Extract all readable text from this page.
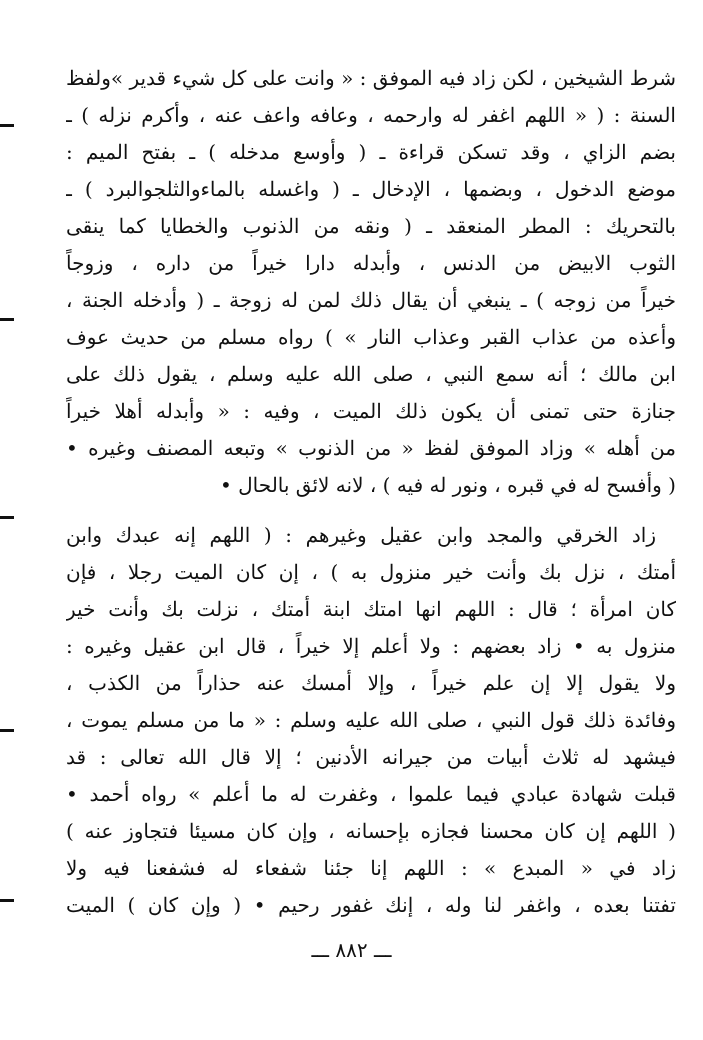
شرط الشيخين ، لكن زاد فيه الموفق : « وانت على كل شيء قدير »ولفظ
السنة : ( « اللهم اغفر له وارحمه ، وعافه واعف عنه ، وأكرم نزله ) ـ
بضم الزاي ، وقد تسكن قراءة ـ ( وأوسع مدخله ) ـ بفتح الميم :
موضع الدخول ، وبضمها ، الإدخال ـ ( واغسله بالماءوالثلجوالبرد ) ـ
بالتحريك : المطر المنعقد ـ ( ونقه من الذنوب والخطايا كما ينقى
الثوب الابيض من الدنس ، وأبدله دارا خيراً من داره ، وزوجاً
خيراً من زوجه ) ـ ينبغي أن يقال ذلك لمن له زوجة ـ ( وأدخله الجنة ،
وأعذه من عذاب القبر وعذاب النار » ) رواه مسلم من حديث عوف
ابن مالك ؛ أنه سمع النبي ، صلى الله عليه وسلم ، يقول ذلك على
جنازة حتى تمنى أن يكون ذلك الميت ، وفيه : « وأبدله أهلا خيراً
من أهله » وزاد الموفق لفظ « من الذنوب » وتبعه المصنف وغيره •
( وأفسح له في قبره ، ونور له فيه ) ، لانه لائق بالحال •
زاد الخرقي والمجد وابن عقيل وغيرهم : ( اللهم إنه عبدك وابن
أمتك ، نزل بك وأنت خير منزول به ) ، إن كان الميت رجلا ، فإن
كان امرأة ؛ قال : اللهم انها امتك ابنة أمتك ، نزلت بك وأنت خير
منزول به • زاد بعضهم : ولا أعلم إلا خيراً ، قال ابن عقيل وغيره :
ولا يقول إلا إن علم خيراً ، وإلا أمسك عنه حذاراً من الكذب ،
وفائدة ذلك قول النبي ، صلى الله عليه وسلم : « ما من مسلم يموت ،
فيشهد له ثلاث أبيات من جيرانه الأدنين ؛ إلا قال الله تعالى : قد
قبلت شهادة عبادي فيما علموا ، وغفرت له ما أعلم » رواه أحمد •
( اللهم إن كان محسنا فجازه بإحسانه ، وإن كان مسيئا فتجاوز عنه )
زاد في « المبدع » : اللهم إنا جئنا شفعاء له فشفعنا فيه ولا
تفتنا بعده ، واغفر لنا وله ، إنك غفور رحيم • ( وإن كان ) الميت
ـــ ٨٨٢ ـــ
